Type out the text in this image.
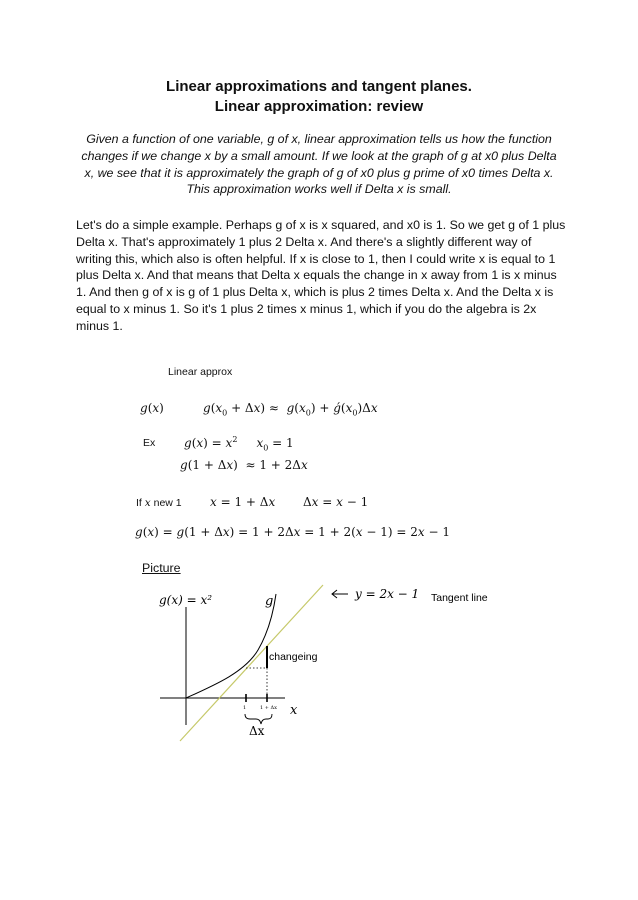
Linear approximations and tangent planes.
Linear approximation: review
Given a function of one variable, g of x, linear approximation tells us how the function changes if we change x by a small amount. If we look at the graph of g at x0 plus Delta x, we see that it is approximately the graph of g of x0 plus g prime of x0 times Delta x. This approximation works well if Delta x is small.
Let's do a simple example. Perhaps g of x is x squared, and x0 is 1. So we get g of 1 plus Delta x. That's approximately 1 plus 2 Delta x. And there's a slightly different way of writing this, which also is often helpful. If x is close to 1, then I could write x is equal to 1 plus Delta x. And that means that Delta x equals the change in x away from 1 is x minus 1. And then g of x is g of 1 plus Delta x, which is plus 2 times Delta x. And the Delta x is equal to x minus 1. So it's 1 plus 2 times x minus 1, which if you do the algebra is 2x minus 1.
Linear approx
g(x)	$g(x_0 + \Delta x) \approx g(x_0)$ + $ǵ(x_0)\Delta x$
Ex $g(x) = x^2$ $x_0 = 1$
g(1 + Δx)  ≈ 1 + 2Δx
If x new 1 x = 1 + Δx Δx = x − 1
g(x) = g(1 + Δx) = 1 + 2Δx = 1 + 2(x − 1) = 2x − 1
Picture
g(x) = x²	g	y = 2x − 1 Tangent line
changeing
1	1 + Δx x
Δx
